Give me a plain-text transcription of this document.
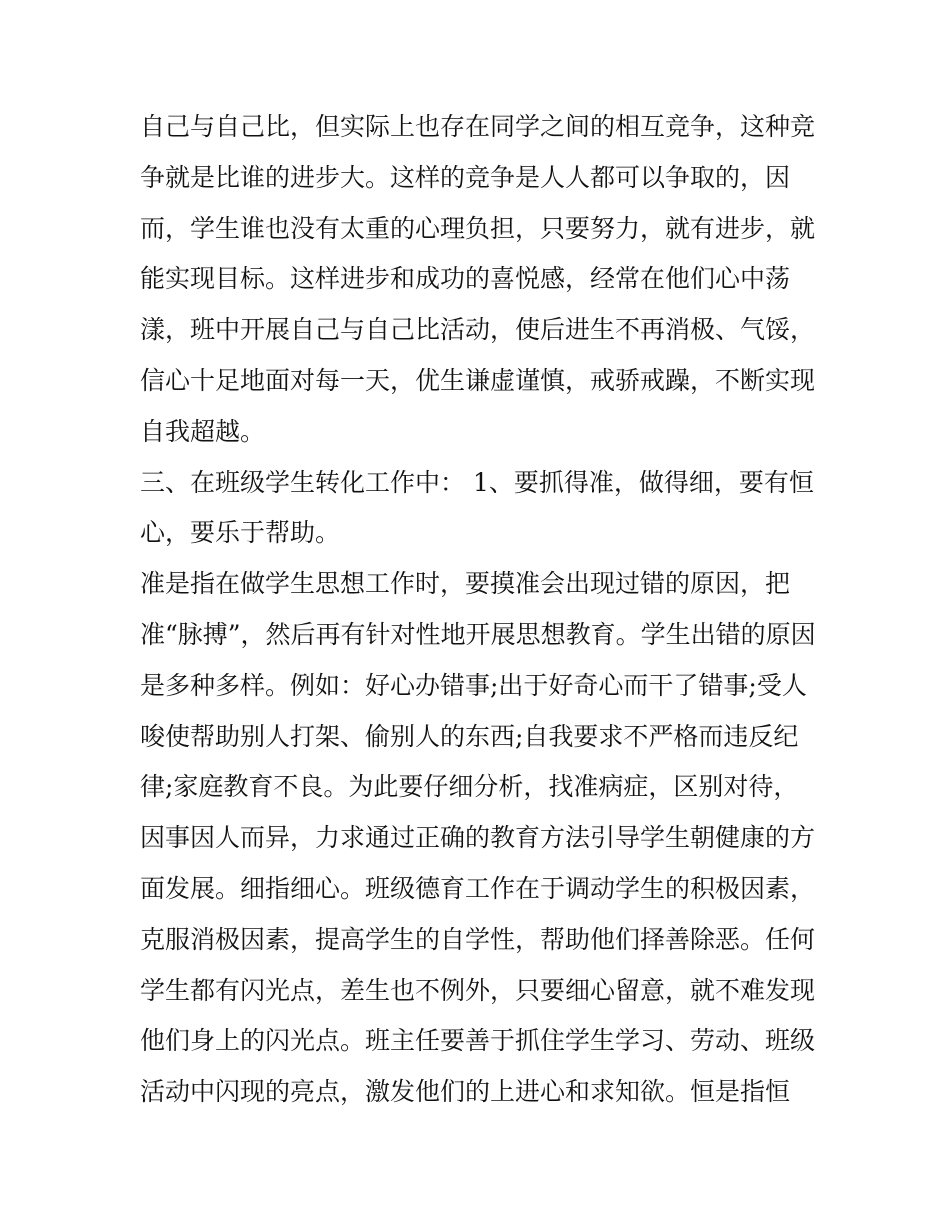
自己与自己比，但实际上也存在同学之间的相互竞争，这种竞
争就是比谁的进步大。这样的竞争是人人都可以争取的，因
而，学生谁也没有太重的心理负担，只要努力，就有进步，就
能实现目标。这样进步和成功的喜悦感，经常在他们心中荡
漾，班中开展自己与自己比活动，使后进生不再消极、气馁，
信心十足地面对每一天，优生谦虚谨慎，戒骄戒躁，不断实现
自我超越。
三、在班级学生转化工作中： 1、要抓得准，做得细，要有恒
心，要乐于帮助。
准是指在做学生思想工作时，要摸准会出现过错的原因，把
准“脉搏”，然后再有针对性地开展思想教育。学生出错的原因
是多种多样。例如：好心办错事;出于好奇心而干了错事;受人
唆使帮助别人打架、偷别人的东西;自我要求不严格而违反纪
律;家庭教育不良。为此要仔细分析，找准病症，区别对待，
因事因人而异，力求通过正确的教育方法引导学生朝健康的方
面发展。细指细心。班级德育工作在于调动学生的积极因素，
克服消极因素，提高学生的自学性，帮助他们择善除恶。任何
学生都有闪光点，差生也不例外，只要细心留意，就不难发现
他们身上的闪光点。班主任要善于抓住学生学习、劳动、班级
活动中闪现的亮点，激发他们的上进心和求知欲。恒是指恒
